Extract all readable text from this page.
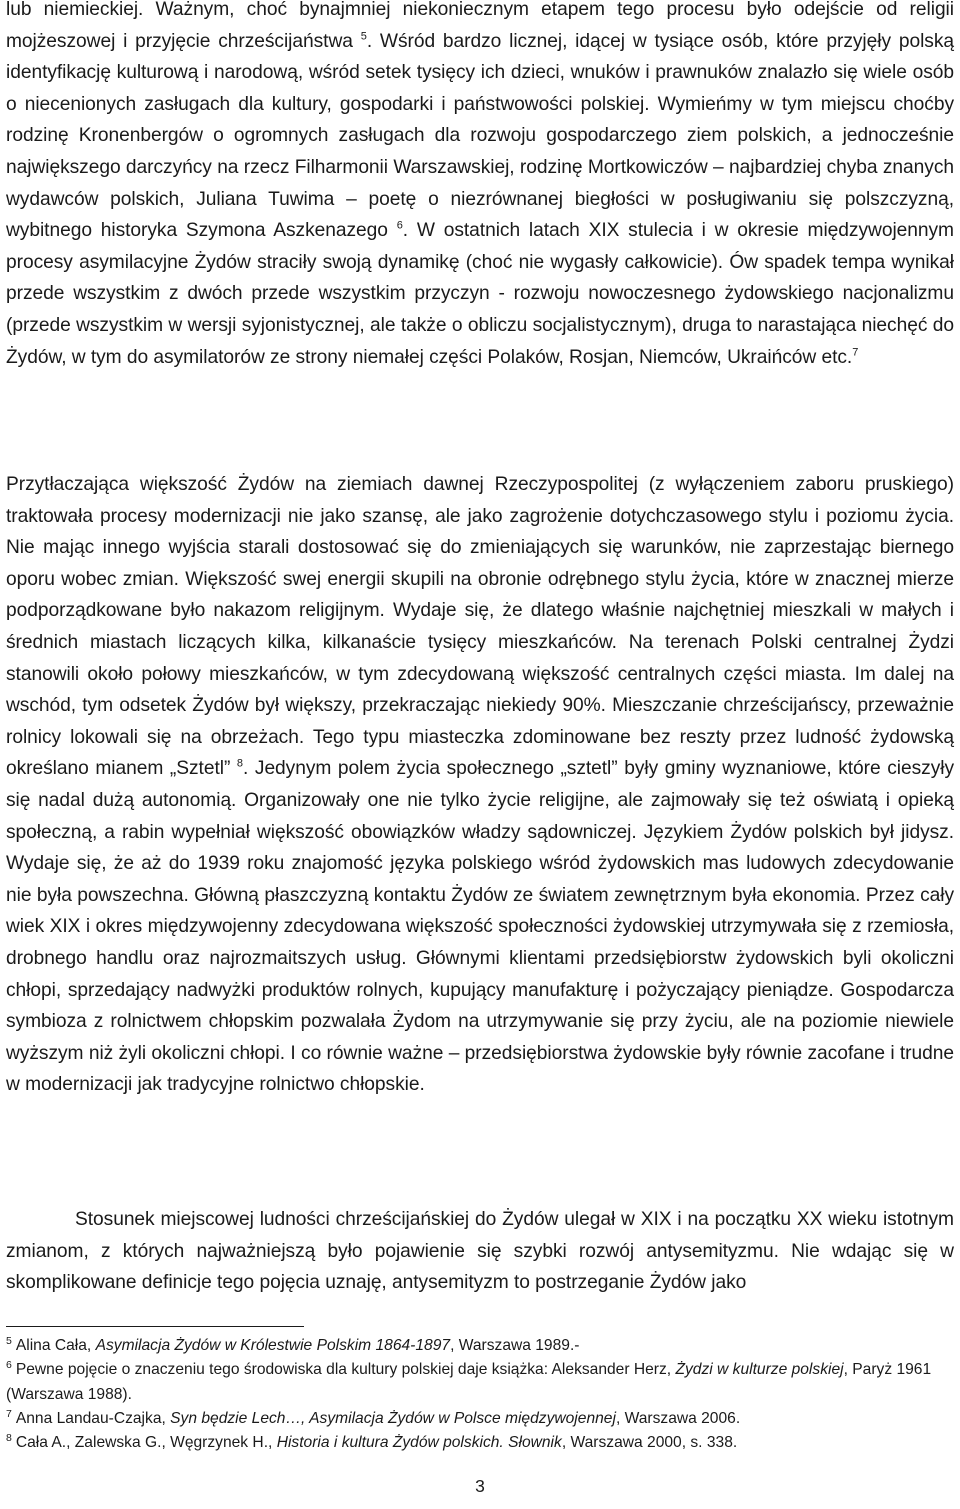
lub niemieckiej. Ważnym, choć bynajmniej niekoniecznym etapem tego procesu było odejście od religii mojżeszowej i przyjęcie chrześcijaństwa $^5$. Wśród bardzo licznej, idącej w tysiące osób, które przyjęły polską identyfikację kulturową i narodową, wśród setek tysięcy ich dzieci, wnuków i prawnuków znalazło się wiele osób o niecenionych zasługach dla kultury, gospodarki i państwowości polskiej. Wymieńmy w tym miejscu choćby rodzinę Kronenbergów o ogromnych zasługach dla rozwoju gospodarczego ziem polskich, a jednocześnie największego darczyńcy na rzecz Filharmonii Warszawskiej, rodzinę Mortkowiczów – najbardziej chyba znanych wydawców polskich, Juliana Tuwima – poetę o niezrównanej biegłości w posługiwaniu się polszczyzną, wybitnego historyka Szymona Aszkenazego $^6$. W ostatnich latach XIX stulecia i w okresie międzywojennym procesy asymilacyjne Żydów straciły swoją dynamikę (choć nie wygasły całkowicie). Ów spadek tempa wynikał przede wszystkim z dwóch przede wszystkim przyczyn - rozwoju nowoczesnego żydowskiego nacjonalizmu (przede wszystkim w wersji syjonistycznej, ale także o obliczu socjalistycznym), druga to narastająca niechęć do Żydów, w tym do asymilatorów ze strony niemałej części Polaków, Rosjan, Niemców, Ukraińców etc.$^7$

Przytłaczająca większość Żydów na ziemiach dawnej Rzeczypospolitej (z wyłączeniem zaboru pruskiego) traktowała procesy modernizacji nie jako szansę, ale jako zagrożenie dotychczasowego stylu i poziomu życia. Nie mając innego wyjścia starali dostosować się do zmieniających się warunków, nie zaprzestając biernego oporu wobec zmian. Większość swej energii skupili na obronie odrębnego stylu życia, które w znacznej mierze podporządkowane było nakazom religijnym. Wydaje się, że dlatego właśnie najchętniej mieszkali w małych i średnich miastach liczących kilka, kilkanaście tysięcy mieszkańców. Na terenach Polski centralnej Żydzi stanowili około połowy mieszkańców, w tym zdecydowaną większość centralnych części miasta. Im dalej na wschód, tym odsetek Żydów był większy, przekraczając niekiedy 90%. Mieszczanie chrześcijańscy, przeważnie rolnicy lokowali się na obrzeżach. Tego typu miasteczka zdominowane bez reszty przez ludność żydowską określano mianem „Sztetl” $^8$. Jedynym polem życia społecznego „sztetl” były gminy wyznaniowe, które cieszyły się nadal dużą autonomią. Organizowały one nie tylko życie religijne, ale zajmowały się też oświatą i opieką społeczną, a rabin wypełniał większość obowiązków władzy sądowniczej. Językiem Żydów polskich był jidysz. Wydaje się, że aż do 1939 roku znajomość języka polskiego wśród żydowskich mas ludowych zdecydowanie nie była powszechna. Główną płaszczyzną kontaktu Żydów ze światem zewnętrznym była ekonomia. Przez cały wiek XIX i okres międzywojenny zdecydowana większość społeczności żydowskiej utrzymywała się z rzemiosła, drobnego handlu oraz najrozmaitszych usług. Głównymi klientami przedsiębiorstw żydowskich byli okoliczni chłopi, sprzedający nadwyżki produktów rolnych, kupujący manufakturę i pożyczający pieniądze. Gospodarcza symbioza z rolnictwem chłopskim pozwalała Żydom na utrzymywanie się przy życiu, ale na poziomie niewiele wyższym niż żyli okoliczni chłopi. I co równie ważne – przedsiębiorstwa żydowskie były równie zacofane i trudne w modernizacji jak tradycyjne rolnictwo chłopskie.

Stosunek miejscowej ludności chrześcijańskiej do Żydów ulegał w XIX i na początku XX wieku istotnym zmianom, z których najważniejszą było pojawienie się szybki rozwój antysemityzmu. Nie wdając się w skomplikowane definicje tego pojęcia uznaję, antysemityzm to postrzeganie Żydów jako

$^5$ Alina Cała, Asymilacja Żydów w Królestwie Polskim 1864-1897, Warszawa 1989.-
$^6$ Pewne pojęcie o znaczeniu tego środowiska dla kultury polskiej daje książka: Aleksander Herz, Żydzi w kulturze polskiej, Paryż 1961 (Warszawa 1988).
$^7$ Anna Landau-Czajka, Syn będzie Lech…, Asymilacja Żydów w Polsce międzywojennej, Warszawa 2006.
$^8$ Cała A., Zalewska G., Węgrzynek H., Historia i kultura Żydów polskich. Słownik, Warszawa 2000, s. 338.
3
